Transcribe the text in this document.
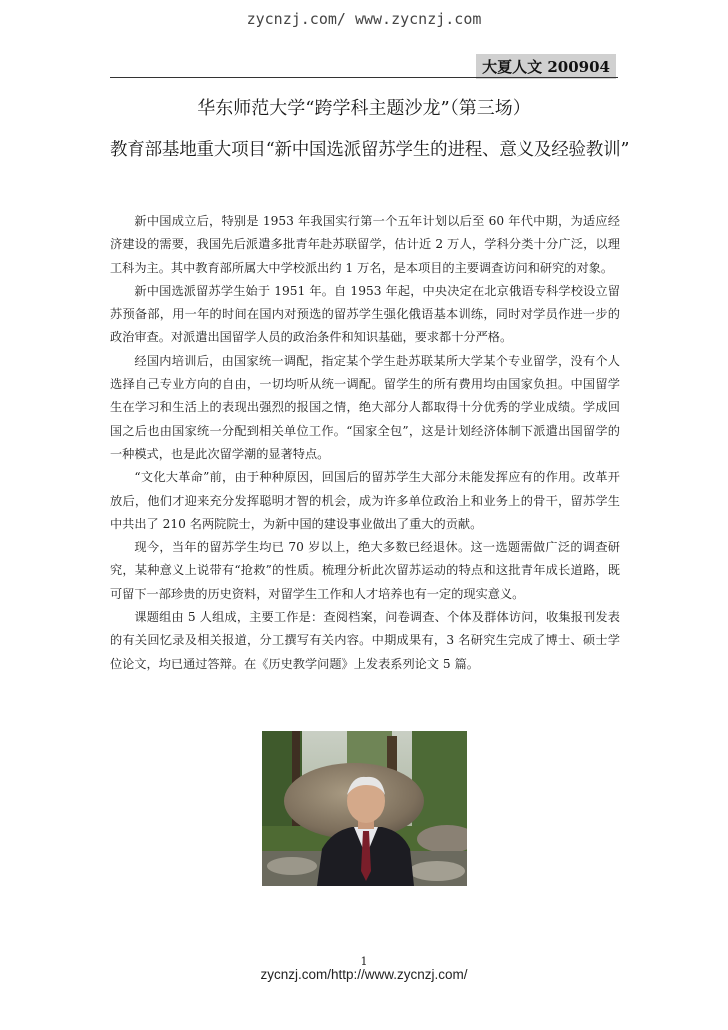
zycnzj.com/ www.zycnzj.com
大夏人文 200904
华东师范大学“跨学科主题沙龙”（第三场）
教育部基地重大项目“新中国选派留苏学生的进程、意义及经验教训”

新中国成立后，特别是 1953 年我国实行第一个五年计划以后至 60 年代中期，为适应经济建设的需要，我国先后派遣多批青年赴苏联留学，估计近 2 万人，学科分类十分广泛，以理工科为主。其中教育部所属大中学校派出约 1 万名，是本项目的主要调查访问和研究的对象。

新中国选派留苏学生始于 1951 年。自 1953 年起，中央决定在北京俄语专科学校设立留苏预备部，用一年的时间在国内对预选的留苏学生强化俄语基本训练，同时对学员作进一步的政治审查。对派遣出国留学人员的政治条件和知识基础，要求都十分严格。

经国内培训后，由国家统一调配，指定某个学生赴苏联某所大学某个专业留学，没有个人选择自己专业方向的自由，一切均听从统一调配。留学生的所有费用均由国家负担。中国留学生在学习和生活上的表现出强烈的报国之情，绝大部分人都取得十分优秀的学业成绩。学成回国之后也由国家统一分配到相关单位工作。“国家全包”，这是计划经济体制下派遣出国留学的一种模式，也是此次留学潮的显著特点。

“文化大革命”前，由于种种原因，回国后的留苏学生大部分未能发挥应有的作用。改革开放后，他们才迎来充分发挥聪明才智的机会，成为许多单位政治上和业务上的骨干，留苏学生中共出了 210 名两院院士，为新中国的建设事业做出了重大的贡献。

现今，当年的留苏学生均已 70 岁以上，绝大多数已经退休。这一选题需做广泛的调查研究，某种意义上说带有“抢救”的性质。梳理分析此次留苏运动的特点和这批青年成长道路，既可留下一部珍贵的历史资料，对留学生工作和人才培养也有一定的现实意义。

课题组由 5 人组成，主要工作是：查阅档案，问卷调查、个体及群体访问，收集报刊发表的有关回忆录及相关报道，分工撰写有关内容。中期成果有，3 名研究生完成了博士、硕士学位论文，均已通过答辩。在《历史教学问题》上发表系列论文 5 篇。

1
zycnzj.com/http://www.zycnzj.com/
